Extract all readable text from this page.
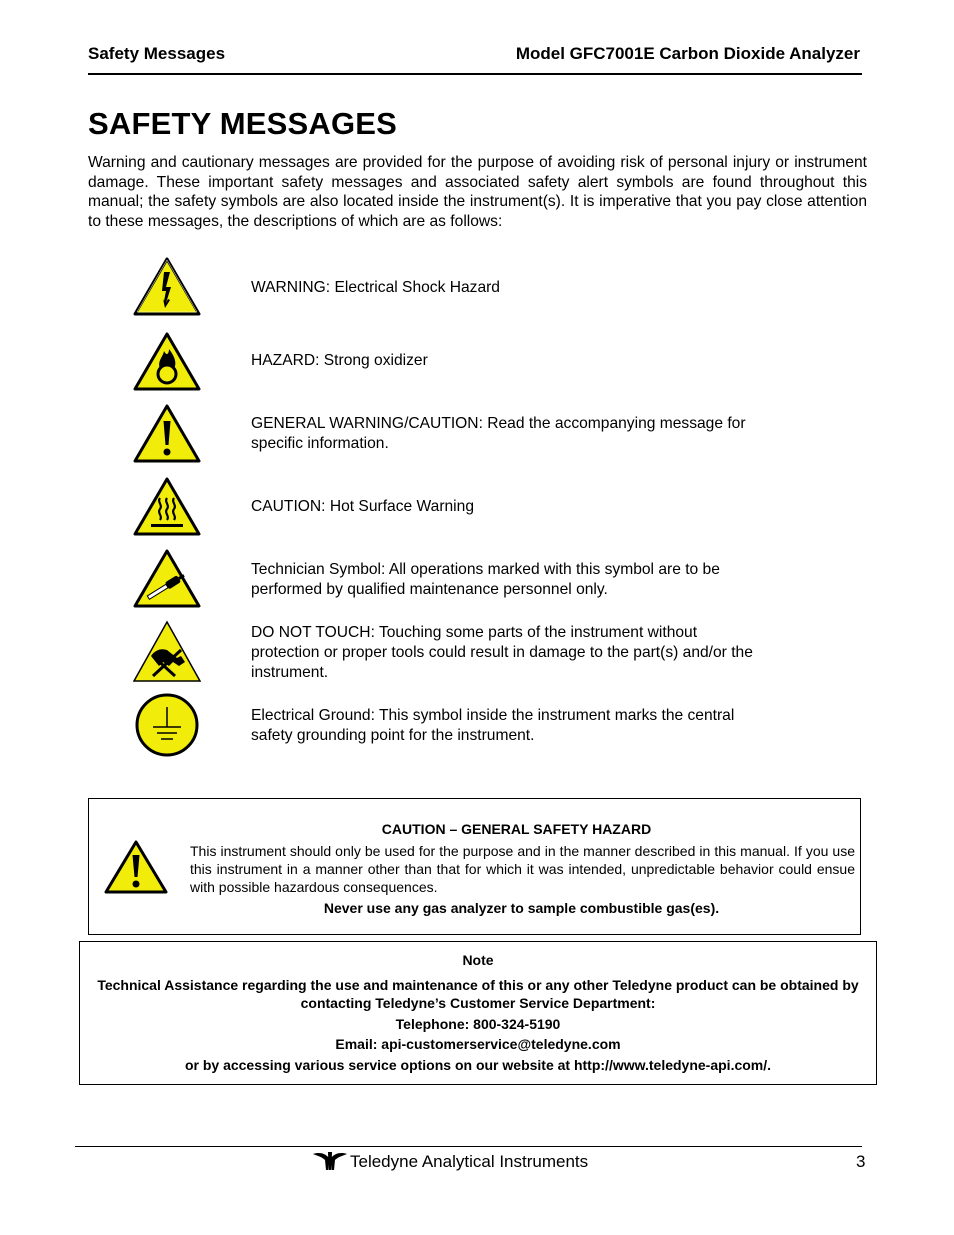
Safety Messages	Model GFC7001E Carbon Dioxide Analyzer
SAFETY MESSAGES

Warning and cautionary messages are provided for the purpose of avoiding risk of personal injury or instrument damage. These important safety messages and associated safety alert symbols are found throughout this manual; the safety symbols are also located inside the instrument(s). It is imperative that you pay close attention to these messages, the descriptions of which are as follows:

WARNING: Electrical Shock Hazard
HAZARD: Strong oxidizer
GENERAL WARNING/CAUTION: Read the accompanying message for specific information.
CAUTION: Hot Surface Warning
Technician Symbol: All operations marked with this symbol are to be performed by qualified maintenance personnel only.
DO NOT TOUCH: Touching some parts of the instrument without protection or proper tools could result in damage to the part(s) and/or the instrument.
Electrical Ground: This symbol inside the instrument marks the central safety grounding point for the instrument.
CAUTION – GENERAL SAFETY HAZARD

This instrument should only be used for the purpose and in the manner described in this manual. If you use this instrument in a manner other than that for which it was intended, unpredictable behavior could ensue with possible hazardous consequences.

Never use any gas analyzer to sample combustible gas(es).
Note
Technical Assistance regarding the use and maintenance of this or any other Teledyne product can be obtained by contacting Teledyne’s Customer Service Department:
Telephone: 800-324-5190
Email: api-customerservice@teledyne.com
or by accessing various service options on our website at http://www.teledyne-api.com/.
Teledyne Analytical Instruments	3
